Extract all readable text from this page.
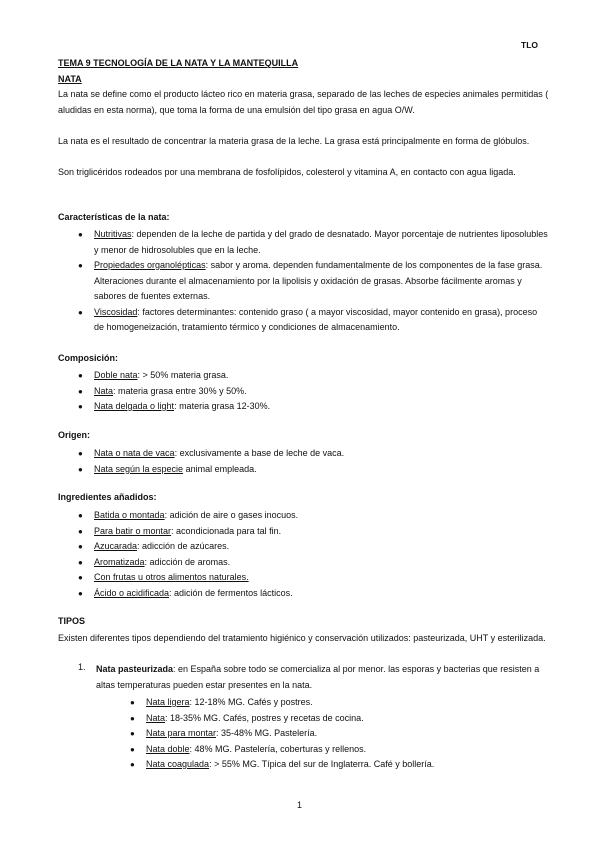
TLO
TEMA 9 TECNOLOGÍA DE LA NATA Y LA MANTEQUILLA
NATA
La nata se define como el producto lácteo rico en materia grasa, separado de las leches de especies animales permitidas ( aludidas en esta norma), que toma la forma de una emulsión del tipo grasa en agua O/W.
La nata es el resultado de concentrar la materia grasa de la leche. La grasa está principalmente en forma de glóbulos.
Son triglicéridos rodeados por una membrana de fosfolípidos, colesterol y vitamina A, en contacto con agua ligada.
Características de la nata:
● Nutritivas: dependen de la leche de partida y del grado de desnatado. Mayor porcentaje de nutrientes liposolubles y menor de hidrosolubles que en la leche.
● Propiedades organolépticas: sabor y aroma. dependen fundamentalmente de los componentes de la fase grasa. Alteraciones durante el almacenamiento por la lipolisis y oxidación de grasas. Absorbe fácilmente aromas y sabores de fuentes externas.
● Viscosidad: factores determinantes: contenido graso ( a mayor viscosidad, mayor contenido en grasa), proceso de homogeneización, tratamiento térmico y condiciones de almacenamiento.
Composición:
● Doble nata: > 50% materia grasa.
● Nata: materia grasa entre 30% y 50%.
● Nata delgada o light: materia grasa 12-30%.
Origen:
● Nata o nata de vaca: exclusivamente a base de leche de vaca.
● Nata según la especie animal empleada.
Ingredientes añadidos:
● Batida o montada: adición de aire o gases inocuos.
● Para batir o montar: acondicionada para tal fin.
● Azucarada: adicción de azúcares.
● Aromatizada: adicción de aromas.
● Con frutas u otros alimentos naturales.
● Ácido o acidificada: adición de fermentos lácticos.
TIPOS
Existen diferentes tipos dependiendo del tratamiento higiénico y conservación utilizados: pasteurizada, UHT y esterilizada.
1.	Nata pasteurizada: en España sobre todo se comercializa al por menor. las esporas y bacterias que resisten a altas temperaturas pueden estar presentes en la nata.
● Nata ligera: 12-18% MG. Cafés y postres.
● Nata: 18-35% MG. Cafés, postres y recetas de cocina.
● Nata para montar: 35-48% MG. Pastelería.
● Nata doble: 48% MG. Pastelería, coberturas y rellenos.
● Nata coagulada: > 55% MG. Típica del sur de Inglaterra. Café y bollería.
1
